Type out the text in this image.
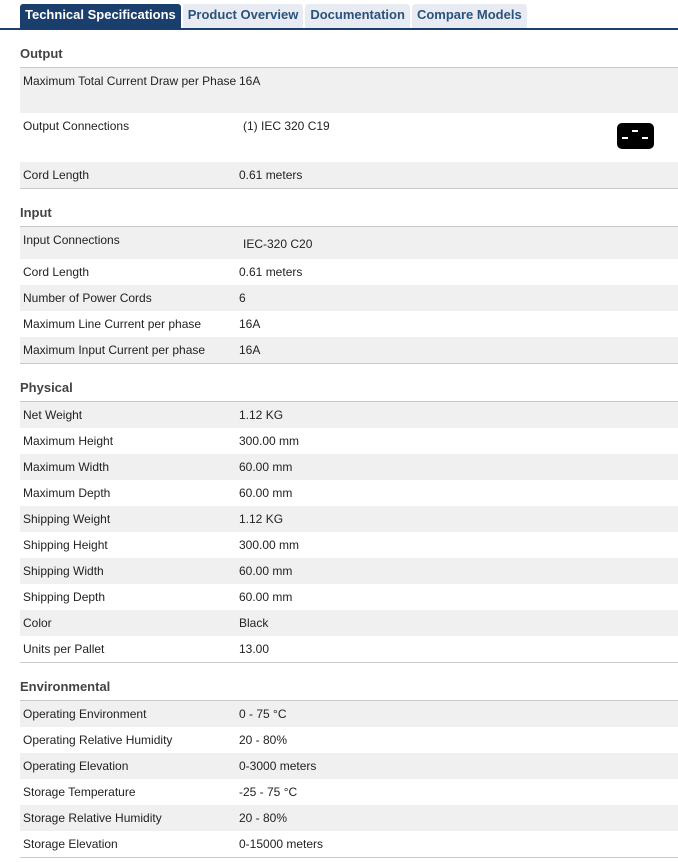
Technical Specifications Product Overview Documentation Compare Models
Output
Maximum Total Current Draw per Phase 16A
Output Connections	(1) IEC 320 C19
Cord Length	0.61 meters
Input
Input Connections	IEC-320 C20
Cord Length	0.61 meters
Number of Power Cords	6
Maximum Line Current per phase	16A
Maximum Input Current per phase	16A
Physical
Net Weight	1.12 KG
Maximum Height	300.00 mm
Maximum Width	60.00 mm
Maximum Depth	60.00 mm
Shipping Weight	1.12 KG
Shipping Height	300.00 mm
Shipping Width	60.00 mm
Shipping Depth	60.00 mm
Color	Black
Units per Pallet	13.00
Environmental
Operating Environment	0 - 75 °C
Operating Relative Humidity	20 - 80%
Operating Elevation	0-3000 meters
Storage Temperature	-25 - 75 °C
Storage Relative Humidity	20 - 80%
Storage Elevation	0-15000 meters
